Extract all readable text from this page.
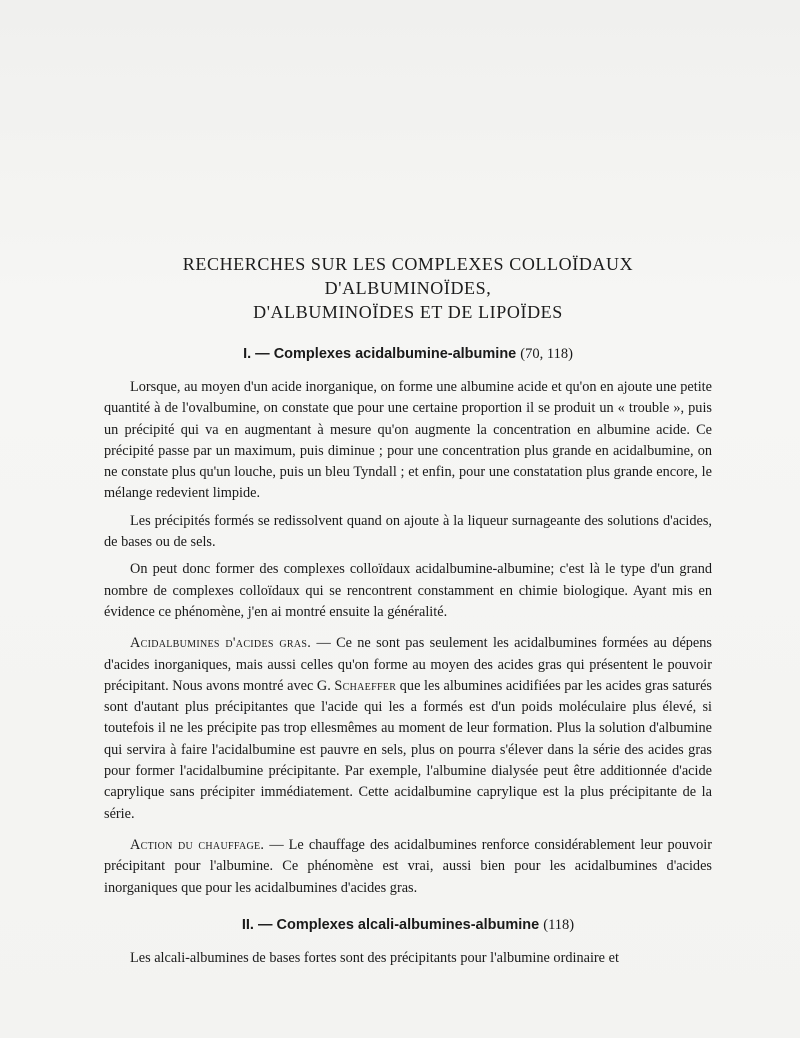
RECHERCHES SUR LES COMPLEXES COLLOÏDAUX D'ALBUMINOÏDES,
D'ALBUMINOÏDES ET DE LIPOÏDES
I. — Complexes acidalbumine-albumine (70, 118)

Lorsque, au moyen d'un acide inorganique, on forme une albumine acide et qu'on en ajoute une petite quantité à de l'ovalbumine, on constate que pour une certaine proportion il se produit un « trouble », puis un précipité qui va en augmentant à mesure qu'on augmente la concentration en albumine acide. Ce précipité passe par un maximum, puis diminue ; pour une concentration plus grande en acidalbumine, on ne constate plus qu'un louche, puis un bleu Tyndall ; et enfin, pour une constatation plus grande encore, le mélange redevient limpide.

Les précipités formés se redissolvent quand on ajoute à la liqueur surnageante des solutions d'acides, de bases ou de sels.

On peut donc former des complexes colloïdaux acidalbumine-albumine; c'est là le type d'un grand nombre de complexes colloïdaux qui se rencontrent constamment en chimie biologique. Ayant mis en évidence ce phénomène, j'en ai montré ensuite la généralité.

Acidalbumines d'acides gras. — Ce ne sont pas seulement les acidalbumines formées au dépens d'acides inorganiques, mais aussi celles qu'on forme au moyen des acides gras qui présentent le pouvoir précipitant. Nous avons montré avec G. Schaeffer que les albumines acidifiées par les acides gras saturés sont d'autant plus précipitantes que l'acide qui les a formés est d'un poids moléculaire plus élevé, si toutefois il ne les précipite pas trop ellesmêmes au moment de leur formation. Plus la solution d'albumine qui servira à faire l'acidalbumine est pauvre en sels, plus on pourra s'élever dans la série des acides gras pour former l'acidalbumine précipitante. Par exemple, l'albumine dialysée peut être additionnée d'acide caprylique sans précipiter immédiatement. Cette acidalbumine caprylique est la plus précipitante de la série.

Action du chauffage. — Le chauffage des acidalbumines renforce considérablement leur pouvoir précipitant pour l'albumine. Ce phénomène est vrai, aussi bien pour les acidalbumines d'acides inorganiques que pour les acidalbumines d'acides gras.

II. — Complexes alcali-albumines-albumine (118)

Les alcali-albumines de bases fortes sont des précipitants pour l'albumine ordinaire et
